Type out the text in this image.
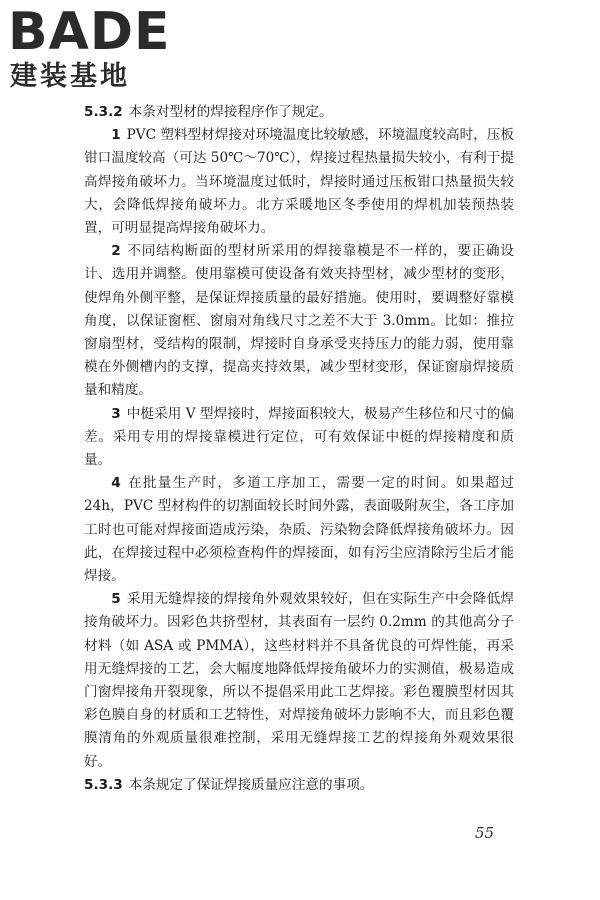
BADE
建装基地

5.3.2 本条对型材的焊接程序作了规定。

1 PVC 塑料型材焊接对环境温度比较敏感，环境温度较高时，压板钳口温度较高（可达 50℃～70℃），焊接过程热量损失较小，有利于提高焊接角破坏力。当环境温度过低时，焊接时通过压板钳口热量损失较大，会降低焊接角破坏力。北方采暖地区冬季使用的焊机加装预热装置，可明显提高焊接角破坏力。

2 不同结构断面的型材所采用的焊接靠模是不一样的，要正确设计、选用并调整。使用靠模可使设备有效夹持型材，减少型材的变形，使焊角外侧平整，是保证焊接质量的最好措施。使用时，要调整好靠模角度，以保证窗框、窗扇对角线尺寸之差不大于 3.0mm。比如：推拉窗扇型材，受结构的限制，焊接时自身承受夹持压力的能力弱，使用靠模在外侧槽内的支撑，提高夹持效果，减少型材变形，保证窗扇焊接质量和精度。

3 中梃采用 V 型焊接时，焊接面积较大，极易产生移位和尺寸的偏差。采用专用的焊接靠模进行定位，可有效保证中梃的焊接精度和质量。

4 在批量生产时，多道工序加工，需要一定的时间。如果超过 24h，PVC 型材构件的切割面较长时间外露，表面吸附灰尘，各工序加工时也可能对焊接面造成污染，杂质、污染物会降低焊接角破坏力。因此，在焊接过程中必须检查构件的焊接面，如有污尘应清除污尘后才能焊接。

5 采用无缝焊接的焊接角外观效果较好，但在实际生产中会降低焊接角破坏力。因彩色共挤型材，其表面有一层约 0.2mm 的其他高分子材料（如 ASA 或 PMMA），这些材料并不具备优良的可焊性能，再采用无缝焊接的工艺，会大幅度地降低焊接角破坏力的实测值，极易造成门窗焊接角开裂现象，所以不提倡采用此工艺焊接。彩色覆膜型材因其彩色膜自身的材质和工艺特性，对焊接角破坏力影响不大，而且彩色覆膜清角的外观质量很难控制，采用无缝焊接工艺的焊接角外观效果很好。

5.3.3 本条规定了保证焊接质量应注意的事项。

55
